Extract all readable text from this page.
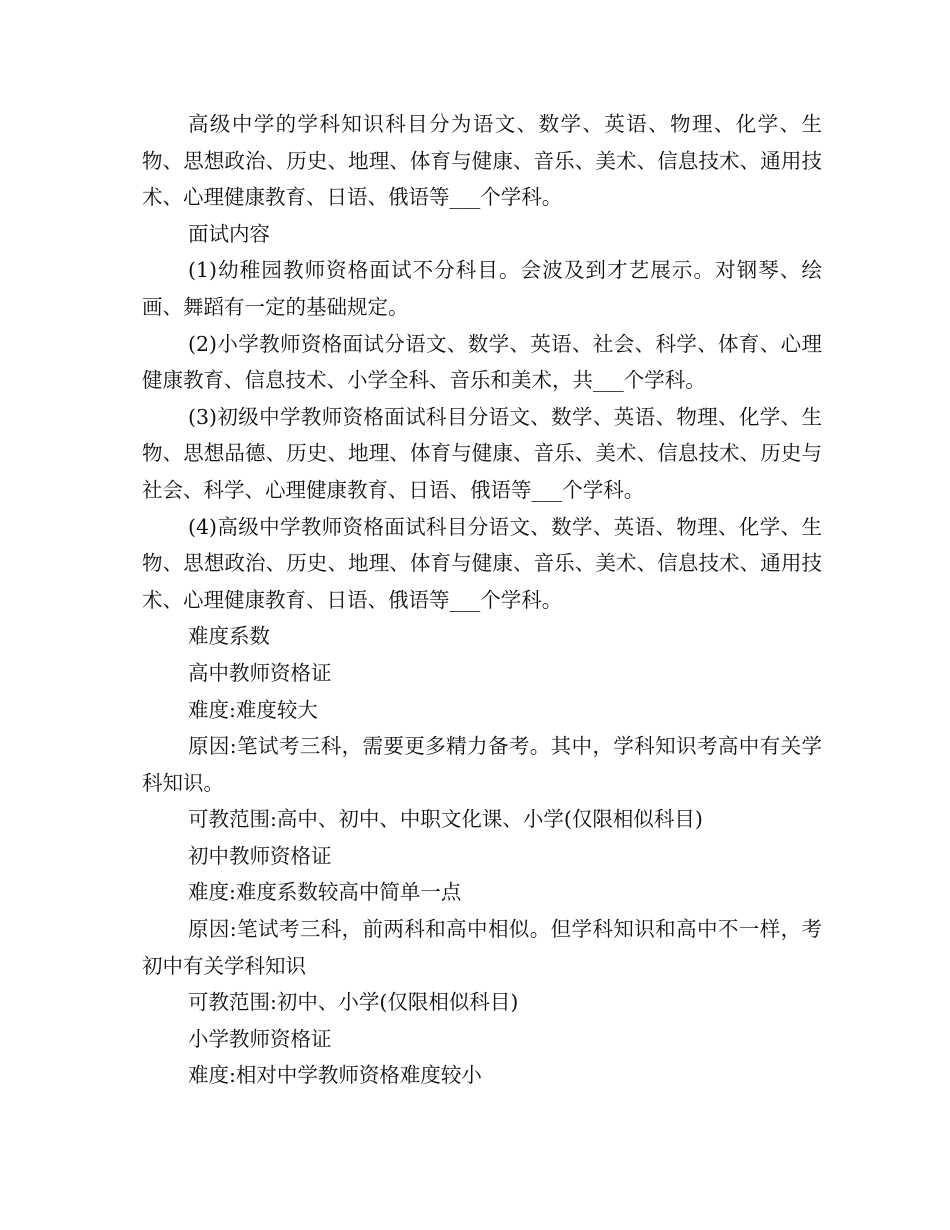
高级中学的学科知识科目分为语文、数学、英语、物理、化学、生物、思想政治、历史、地理、体育与健康、音乐、美术、信息技术、通用技术、心理健康教育、日语、俄语等___个学科。

面试内容

(1)幼稚园教师资格面试不分科目。会波及到才艺展示。对钢琴、绘画、舞蹈有一定的基础规定。

(2)小学教师资格面试分语文、数学、英语、社会、科学、体育、心理健康教育、信息技术、小学全科、音乐和美术，共___个学科。

(3)初级中学教师资格面试科目分语文、数学、英语、物理、化学、生物、思想品德、历史、地理、体育与健康、音乐、美术、信息技术、历史与社会、科学、心理健康教育、日语、俄语等___个学科。

(4)高级中学教师资格面试科目分语文、数学、英语、物理、化学、生物、思想政治、历史、地理、体育与健康、音乐、美术、信息技术、通用技术、心理健康教育、日语、俄语等___个学科。

难度系数

高中教师资格证

难度:难度较大

原因:笔试考三科，需要更多精力备考。其中，学科知识考高中有关学科知识。

可教范围:高中、初中、中职文化课、小学(仅限相似科目)

初中教师资格证

难度:难度系数较高中简单一点

原因:笔试考三科，前两科和高中相似。但学科知识和高中不一样，考初中有关学科知识

可教范围:初中、小学(仅限相似科目)

小学教师资格证

难度:相对中学教师资格难度较小
